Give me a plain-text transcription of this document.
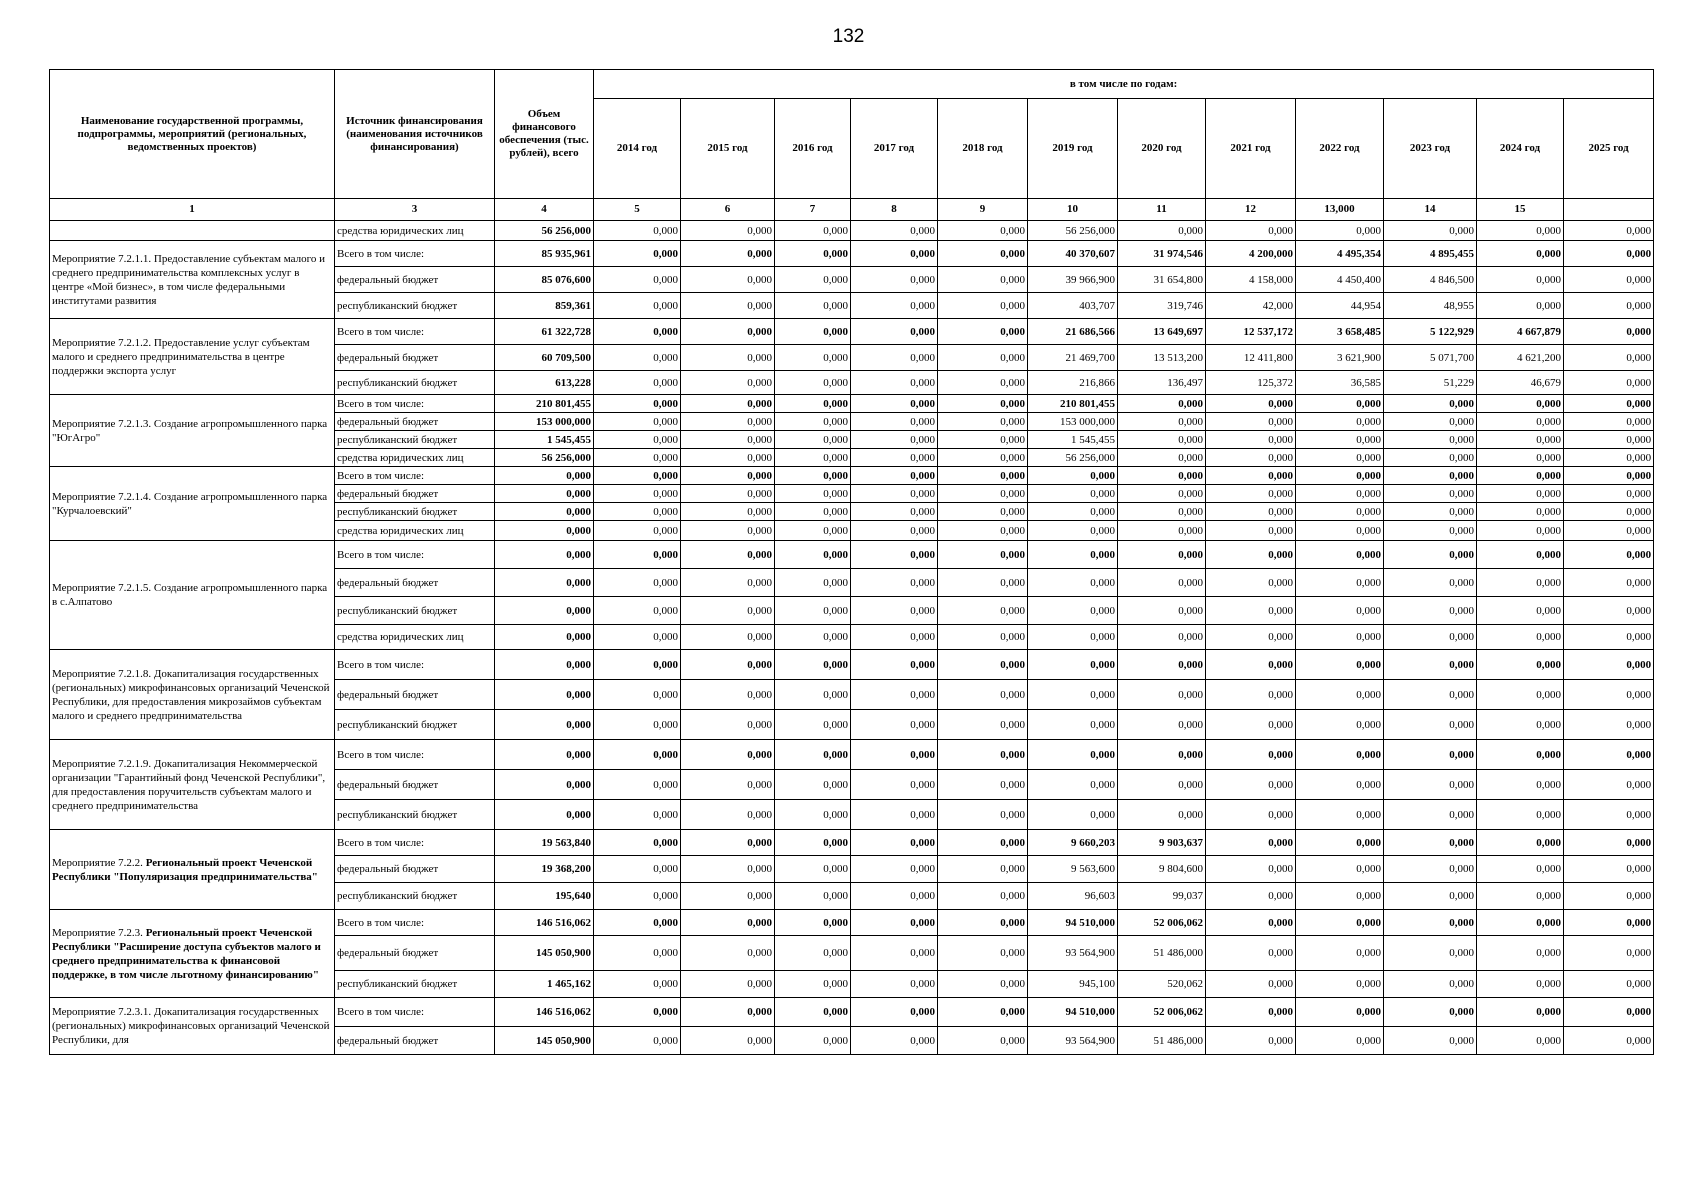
132
Наименование государственной программы, подпрограммы, мероприятий (региональных, ведомственных проектов)	Источник финансирования (наименования источников финансирования)	Объем финансового обеспечения (тыс. рублей), всего	в том числе по годам:											
			2014 год	2015 год	2016 год	2017 год	2018 год	2019 год	2020 год	2021 год	2022 год	2023 год	2024 год	2025 год
1	3	4	5	6	7	8	9	10	11	12	13,000	14	15	
	средства юридических лиц	56 256,000	0,000	0,000	0,000	0,000	0,000	56 256,000	0,000	0,000	0,000	0,000	0,000	0,000
Мероприятие 7.2.1.1. Предоставление субъектам малого и среднего предпринимательства комплексных услуг в центре «Мой бизнес», в том числе федеральными институтами развития	Всего в том числе:	85 935,961	0,000	0,000	0,000	0,000	0,000	40 370,607	31 974,546	4 200,000	4 495,354	4 895,455	0,000	0,000
	федеральный бюджет	85 076,600	0,000	0,000	0,000	0,000	0,000	39 966,900	31 654,800	4 158,000	4 450,400	4 846,500	0,000	0,000
	республиканский бюджет	859,361	0,000	0,000	0,000	0,000	0,000	403,707	319,746	42,000	44,954	48,955	0,000	0,000
Мероприятие 7.2.1.2. Предоставление услуг субъектам малого и среднего предпринимательства в центре поддержки экспорта услуг	Всего в том числе:	61 322,728	0,000	0,000	0,000	0,000	0,000	21 686,566	13 649,697	12 537,172	3 658,485	5 122,929	4 667,879	0,000
	федеральный бюджет	60 709,500	0,000	0,000	0,000	0,000	0,000	21 469,700	13 513,200	12 411,800	3 621,900	5 071,700	4 621,200	0,000
	республиканский бюджет	613,228	0,000	0,000	0,000	0,000	0,000	216,866	136,497	125,372	36,585	51,229	46,679	0,000
Мероприятие 7.2.1.3. Создание агропромышленного парка "ЮгАгро"	Всего в том числе:	210 801,455	0,000	0,000	0,000	0,000	0,000	210 801,455	0,000	0,000	0,000	0,000	0,000	0,000
	федеральный бюджет	153 000,000	0,000	0,000	0,000	0,000	0,000	153 000,000	0,000	0,000	0,000	0,000	0,000	0,000
	республиканский бюджет	1 545,455	0,000	0,000	0,000	0,000	0,000	1 545,455	0,000	0,000	0,000	0,000	0,000	0,000
	средства юридических лиц	56 256,000	0,000	0,000	0,000	0,000	0,000	56 256,000	0,000	0,000	0,000	0,000	0,000	0,000
Мероприятие 7.2.1.4. Создание агропромышленного парка "Курчалоевский"	Всего в том числе:	0,000	0,000	0,000	0,000	0,000	0,000	0,000	0,000	0,000	0,000	0,000	0,000	0,000
	федеральный бюджет	0,000	0,000	0,000	0,000	0,000	0,000	0,000	0,000	0,000	0,000	0,000	0,000	0,000
	республиканский бюджет	0,000	0,000	0,000	0,000	0,000	0,000	0,000	0,000	0,000	0,000	0,000	0,000	0,000
	средства юридических лиц	0,000	0,000	0,000	0,000	0,000	0,000	0,000	0,000	0,000	0,000	0,000	0,000	0,000
Мероприятие 7.2.1.5. Создание агропромышленного парка в с.Алпатово	Всего в том числе:	0,000	0,000	0,000	0,000	0,000	0,000	0,000	0,000	0,000	0,000	0,000	0,000	0,000
	федеральный бюджет	0,000	0,000	0,000	0,000	0,000	0,000	0,000	0,000	0,000	0,000	0,000	0,000	0,000
	республиканский бюджет	0,000	0,000	0,000	0,000	0,000	0,000	0,000	0,000	0,000	0,000	0,000	0,000	0,000
	средства юридических лиц	0,000	0,000	0,000	0,000	0,000	0,000	0,000	0,000	0,000	0,000	0,000	0,000	0,000
Мероприятие 7.2.1.8. Докапитализация государственных (региональных) микрофинансовых организаций Чеченской Республики, для предоставления микрозаймов субъектам малого и среднего предпринимательства	Всего в том числе:	0,000	0,000	0,000	0,000	0,000	0,000	0,000	0,000	0,000	0,000	0,000	0,000	0,000
	федеральный бюджет	0,000	0,000	0,000	0,000	0,000	0,000	0,000	0,000	0,000	0,000	0,000	0,000	0,000
	республиканский бюджет	0,000	0,000	0,000	0,000	0,000	0,000	0,000	0,000	0,000	0,000	0,000	0,000	0,000
Мероприятие 7.2.1.9. Докапитализация Некоммерческой организации "Гарантийный фонд Чеченской Республики", для предоставления поручительств субъектам малого и среднего предпринимательства	Всего в том числе:	0,000	0,000	0,000	0,000	0,000	0,000	0,000	0,000	0,000	0,000	0,000	0,000	0,000
	федеральный бюджет	0,000	0,000	0,000	0,000	0,000	0,000	0,000	0,000	0,000	0,000	0,000	0,000	0,000
	республиканский бюджет	0,000	0,000	0,000	0,000	0,000	0,000	0,000	0,000	0,000	0,000	0,000	0,000	0,000
Мероприятие 7.2.2. Региональный проект Чеченской Республики "Популяризация предпринимательства"	Всего в том числе:	19 563,840	0,000	0,000	0,000	0,000	0,000	9 660,203	9 903,637	0,000	0,000	0,000	0,000	0,000
	федеральный бюджет	19 368,200	0,000	0,000	0,000	0,000	0,000	9 563,600	9 804,600	0,000	0,000	0,000	0,000	0,000
	республиканский бюджет	195,640	0,000	0,000	0,000	0,000	0,000	96,603	99,037	0,000	0,000	0,000	0,000	0,000
Мероприятие 7.2.3. Региональный проект Чеченской Республики "Расширение доступа субъектов малого и среднего предпринимательства к финансовой поддержке, в том числе льготному финансированию"	Всего в том числе:	146 516,062	0,000	0,000	0,000	0,000	0,000	94 510,000	52 006,062	0,000	0,000	0,000	0,000	0,000
	федеральный бюджет	145 050,900	0,000	0,000	0,000	0,000	0,000	93 564,900	51 486,000	0,000	0,000	0,000	0,000	0,000
	республиканский бюджет	1 465,162	0,000	0,000	0,000	0,000	0,000	945,100	520,062	0,000	0,000	0,000	0,000	0,000
Мероприятие 7.2.3.1. Докапитализация государственных (региональных) микрофинансовых организаций Чеченской Республики, для	Всего в том числе:	146 516,062	0,000	0,000	0,000	0,000	0,000	94 510,000	52 006,062	0,000	0,000	0,000	0,000	0,000
	федеральный бюджет	145 050,900	0,000	0,000	0,000	0,000	0,000	93 564,900	51 486,000	0,000	0,000	0,000	0,000	0,000
